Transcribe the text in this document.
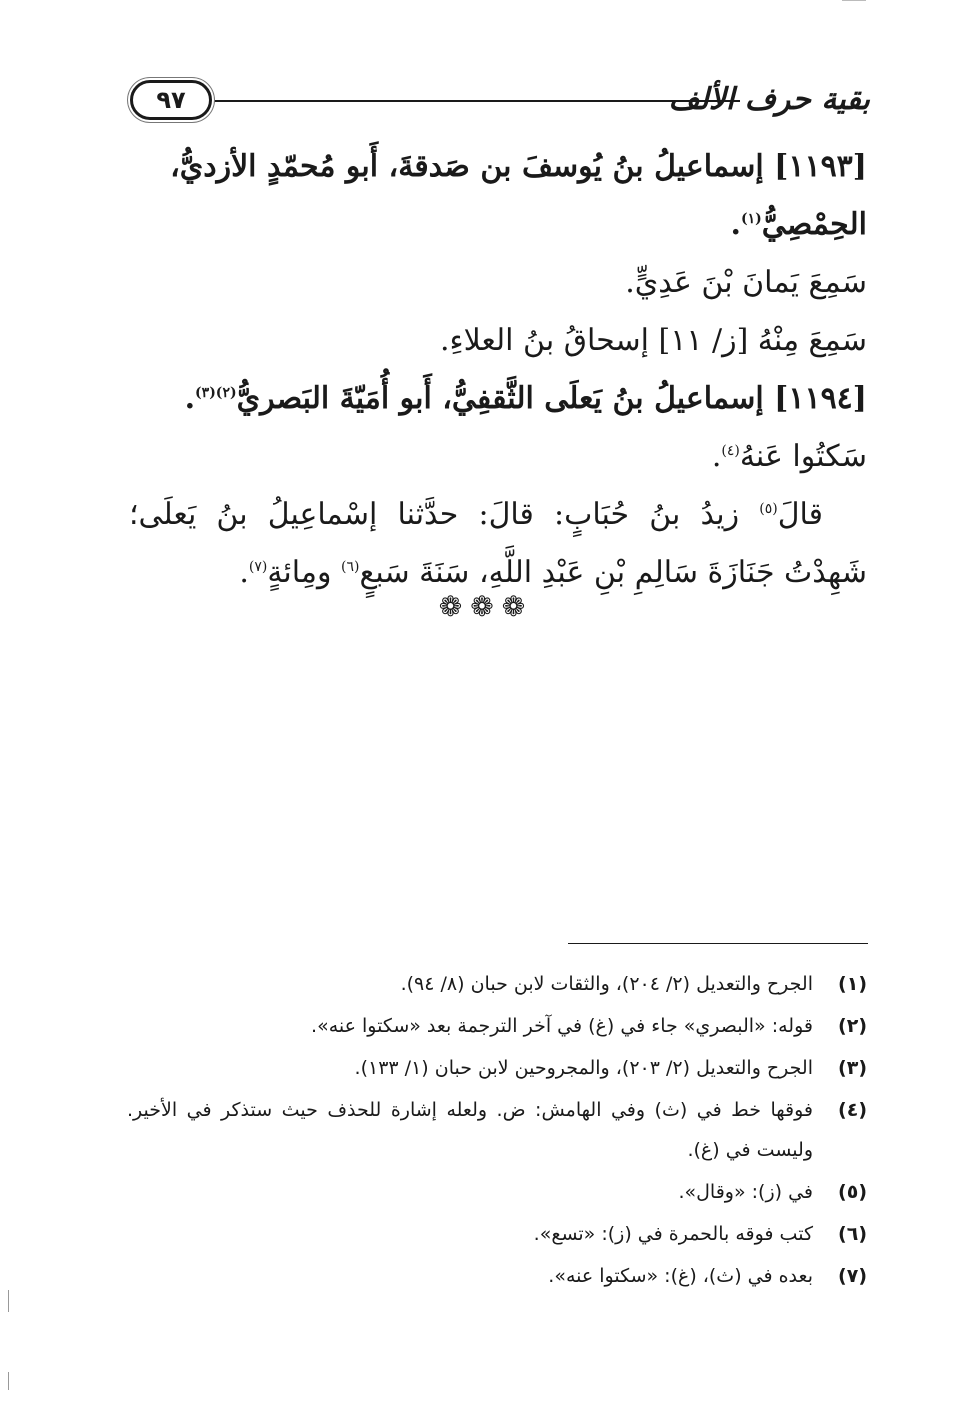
بقية حرف الألف
٩٧

[١١٩٣] إسماعيلُ بنُ يُوسفَ بن صَدقةَ، أَبو مُحمّدٍ الأزديُّ، الحِمْصِيُّ$^{(١)}$.

سَمِعَ يَمانَ بْنَ عَدِيٍّ.

سَمِعَ مِنْهُ [ز/ ١١] إسحاقُ بنُ العلاءِ.

[١١٩٤] إسماعيلُ بنُ يَعلَى الثَّقفِيُّ، أَبو أُمَيّةَ البَصريُّ$^{(٢)(٣)}$.

سَكتُوا عَنهُ$^{(٤)}$.

قالَ$^{(٥)}$ زيدُ بنُ حُبَابٍ: قالَ: حدَّثنا إسْماعِيلُ بنُ يَعلَى؛ شَهِدْتُ جَنَازَةَ سَالِمِ بْنِ عَبْدِ اللَّهِ، سَنَةَ سَبعٍ$^{(٦)}$ ومِائةٍ$^{(٧)}$.

❁❁❁
(١)
الجرح والتعديل (٢/ ٢٠٤)، والثقات لابن حبان (٨/ ٩٤).
(٢)
قوله: «البصري» جاء في (غ) في آخر الترجمة بعد «سكتوا عنه».
(٣)
الجرح والتعديل (٢/ ٢٠٣)، والمجروحين لابن حبان (١/ ١٣٣).
(٤)
فوقها خط في (ث) وفي الهامش: ض. ولعله إشارة للحذف حيث ستذكر في الأخير. وليست في (غ).
(٥)
في (ز): «وقال».
(٦)
كتب فوقه بالحمرة في (ز): «تسع».
(٧)
بعده في (ث)، (غ): «سكتوا عنه».
